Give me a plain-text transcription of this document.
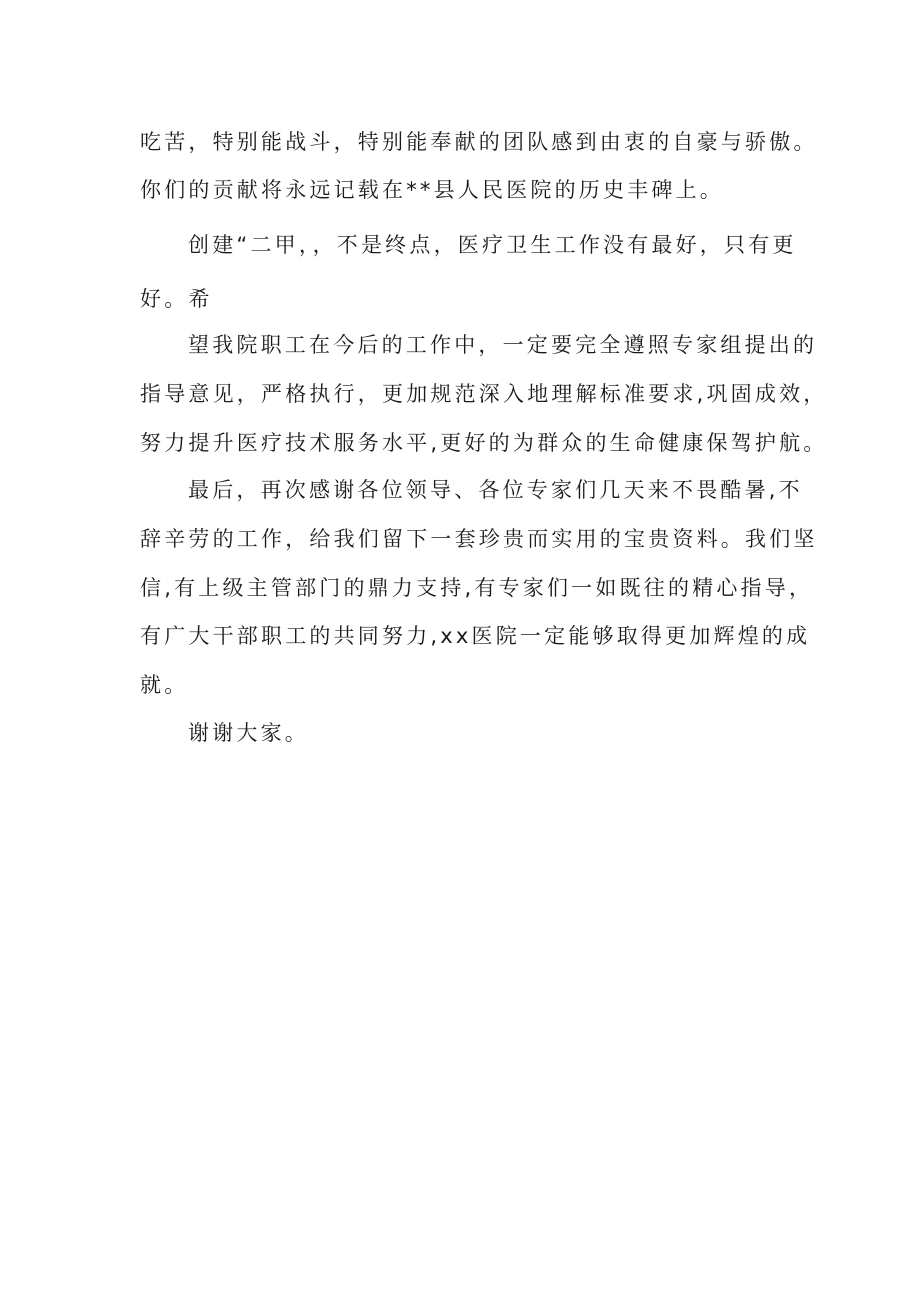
吃苦，特别能战斗，特别能奉献的团队感到由衷的自豪与骄傲。
你们的贡献将永远记载在**县人民医院的历史丰碑上。
创建“二甲，，不是终点，医疗卫生工作没有最好，只有更
好。希
望我院职工在今后的工作中，一定要完全遵照专家组提出的
指导意见，严格执行，更加规范深入地理解标准要求,巩固成效，
努力提升医疗技术服务水平,更好的为群众的生命健康保驾护航。
最后，再次感谢各位领导、各位专家们几天来不畏酷暑,不
辞辛劳的工作，给我们留下一套珍贵而实用的宝贵资料。我们坚
信,有上级主管部门的鼎力支持,有专家们一如既往的精心指导，
有广大干部职工的共同努力,xx医院一定能够取得更加辉煌的成
就。
谢谢大家。
